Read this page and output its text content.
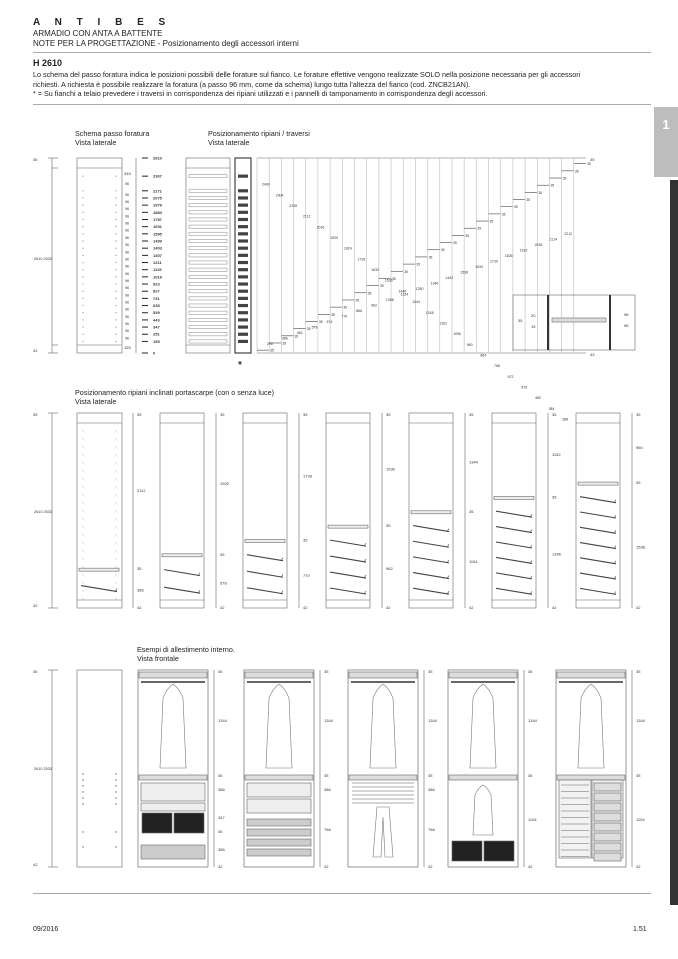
A N T I B E S
ARMADIO CON ANTA A BATTENTE
NOTE PER LA PROGETTAZIONE - Posizionamento degli accessori interni
H 2610
Lo schema del passo foratura indica le posizioni possibili delle forature sul fianco. Le forature effettive vengono realizzate SOLO nella posizione necessaria per gli accessori
richiesti. A richiesta è possibile realizzare la foratura (a passo 96 mm, come da schema) lungo tutta l'altezza del fianco (cod. ZNCB21AN).
* = Su fianchi a telaio prevedere i traversi in corrispondenza dei ripiani utilizzati e i pannelli di tamponamento in corrispondenza degli accessori.
1
Schema passo foratura
Vista laterale
Posizionamento ripiani / traversi
Vista laterale
35
42
2610 2533
345
155
96
96
96
96
96
96
96
96
96
96
96
96
96
96
96
96
96
96
96
96
96
96
2610
2367
2171
2075
1979
1883
1787
1691
1595
1499
1403
1307
1211
1115
1019
923
827
731
635
539
443
347
251
155
0
*
35
43
35
35
35
35
35
35
35
35
35
35
35
35
35
35
35
35
35
35
35
35
35
35
35
35
35
35
35
2400
2304
2208
2112
2016
1920
1824
1728
1632
1536
1440
1344
1248
1152
1056
960
864
768
672
576
480
384
288
290
386
482
578
674
770
866
962
1058
1154
1250
1346
1442
1538
1634
1730
1826
1922
2018
2114
2212
35
20
15
96
96
Posizionamento ripiani inclinati portascarpe (con o senza luce)
Vista laterale
35
42
2610 2533
35
2112
35
386
42
35
1920
35
578
42
35
1728
35
770
42
35
1536
35
962
42
35
1344
35
1154
42
35
1152
35
1346
42
35
960
35
1538
42
Esempi di allestimento interno.
Vista frontale
35
42
2610 2533
35
1344
35
386
347
35
386
42
35
1344
35
386
768
42
35
1344
35
386
768
42
35
1344
35
1104
42
35
1344
35
1104
42
09/2016	1.51
